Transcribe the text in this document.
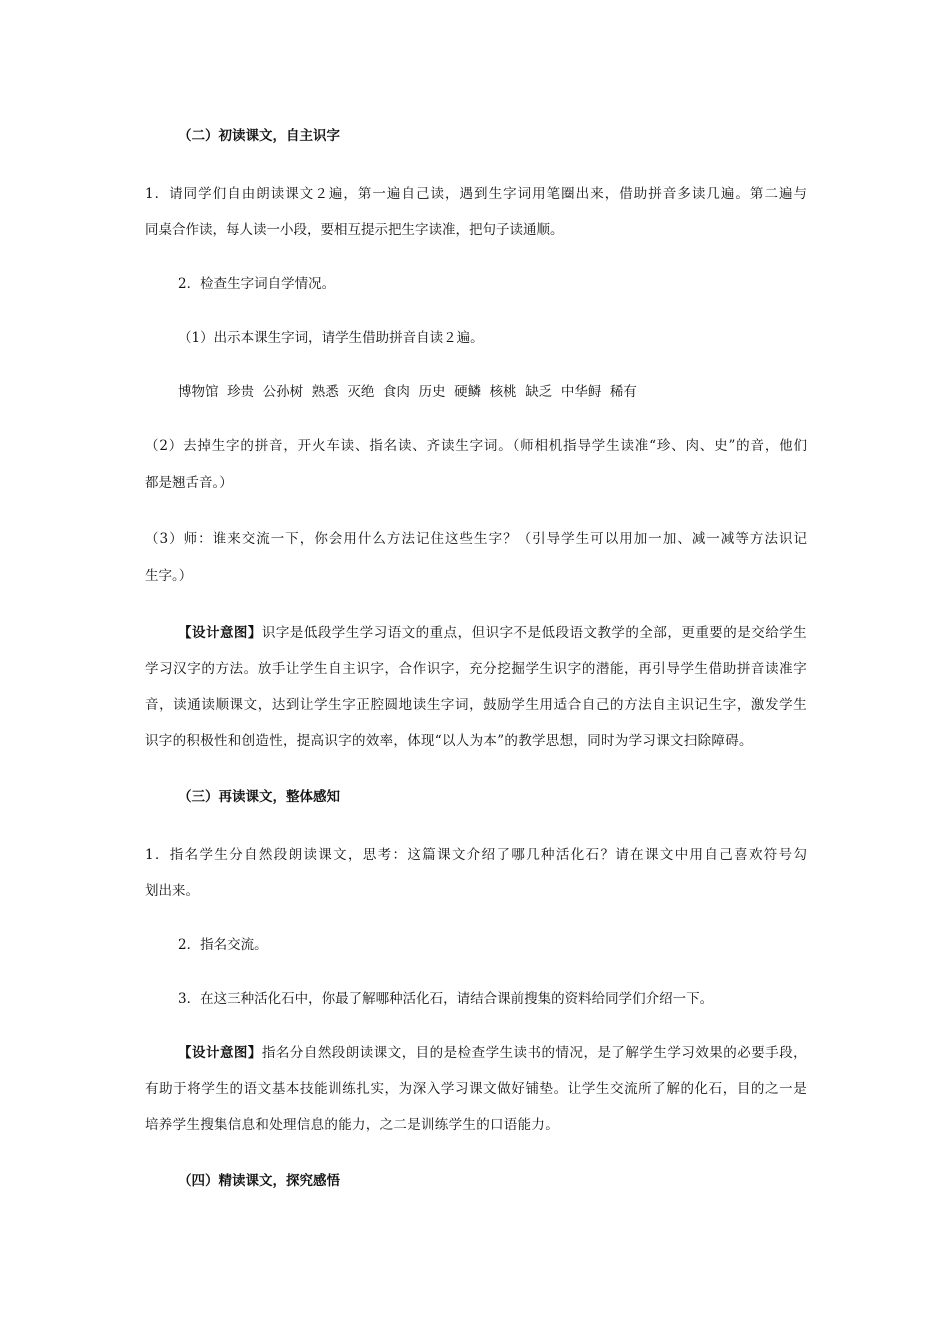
（二）初读课文，自主识字
1．请同学们自由朗读课文２遍，第一遍自己读，遇到生字词用笔圈出来，借助拼音多读几遍。第二遍与
同桌合作读，每人读一小段，要相互提示把生字读准，把句子读通顺。
2．检查生字词自学情况。
（1）出示本课生字词，请学生借助拼音自读２遍。
博物馆  珍贵  公孙树  熟悉  灭绝  食肉  历史  硬鳞  核桃  缺乏  中华鲟  稀有
（2）去掉生字的拼音，开火车读、指名读、齐读生字词。（师相机指导学生读准“珍、肉、史”的音，他们
都是翘舌音。）
（3）师：谁来交流一下，你会用什么方法记住这些生字？（引导学生可以用加一加、减一减等方法识记
生字。）
【设计意图】识字是低段学生学习语文的重点，但识字不是低段语文教学的全部，更重要的是交给学生
学习汉字的方法。放手让学生自主识字，合作识字，充分挖掘学生识字的潜能，再引导学生借助拼音读准字
音，读通读顺课文，达到让学生字正腔圆地读生字词，鼓励学生用适合自己的方法自主识记生字，激发学生
识字的积极性和创造性，提高识字的效率，体现“以人为本”的教学思想，同时为学习课文扫除障碍。
（三）再读课文，整体感知
1．指名学生分自然段朗读课文，思考：这篇课文介绍了哪几种活化石？请在课文中用自己喜欢符号勾
划出来。
2．指名交流。
3．在这三种活化石中，你最了解哪种活化石，请结合课前搜集的资料给同学们介绍一下。
【设计意图】指名分自然段朗读课文，目的是检查学生读书的情况，是了解学生学习效果的必要手段，
有助于将学生的语文基本技能训练扎实，为深入学习课文做好铺垫。让学生交流所了解的化石，目的之一是
培养学生搜集信息和处理信息的能力，之二是训练学生的口语能力。
（四）精读课文，探究感悟
